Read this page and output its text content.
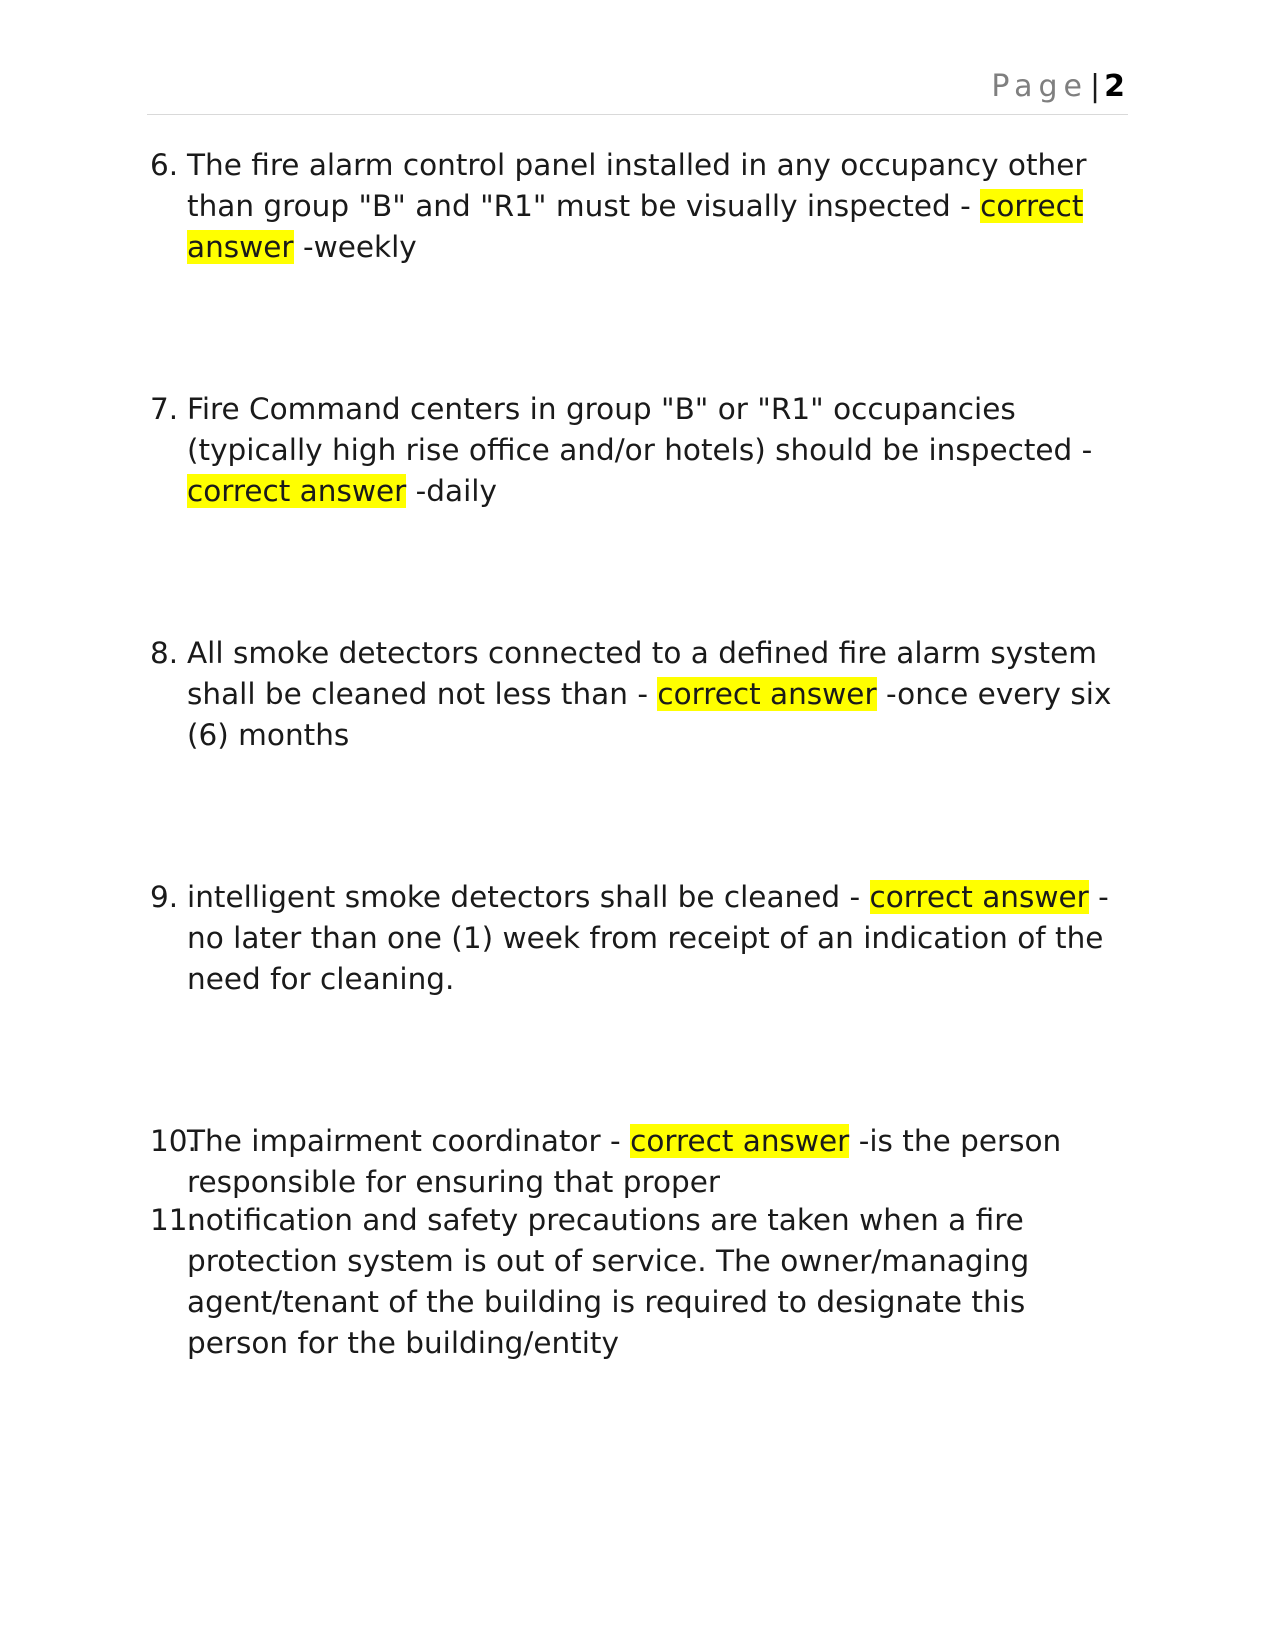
Page| 2
6. The fire alarm control panel installed in any occupancy other than group "B" and "R1" must be visually inspected - correct answer -weekly
7. Fire Command centers in group "B" or "R1" occupancies (typically high rise office and/or hotels) should be inspected - correct answer -daily
8. All smoke detectors connected to a defined fire alarm system shall be cleaned not less than - correct answer -once every six (6) months
9. intelligent smoke detectors shall be cleaned - correct answer - no later than one (1) week from receipt of an indication of the need for cleaning.
10.
The impairment coordinator - correct answer -is the person responsible for ensuring that proper
11.
notification and safety precautions are taken when a fire protection system is out of service. The owner/managing agent/tenant of the building is required to designate this person for the building/entity
